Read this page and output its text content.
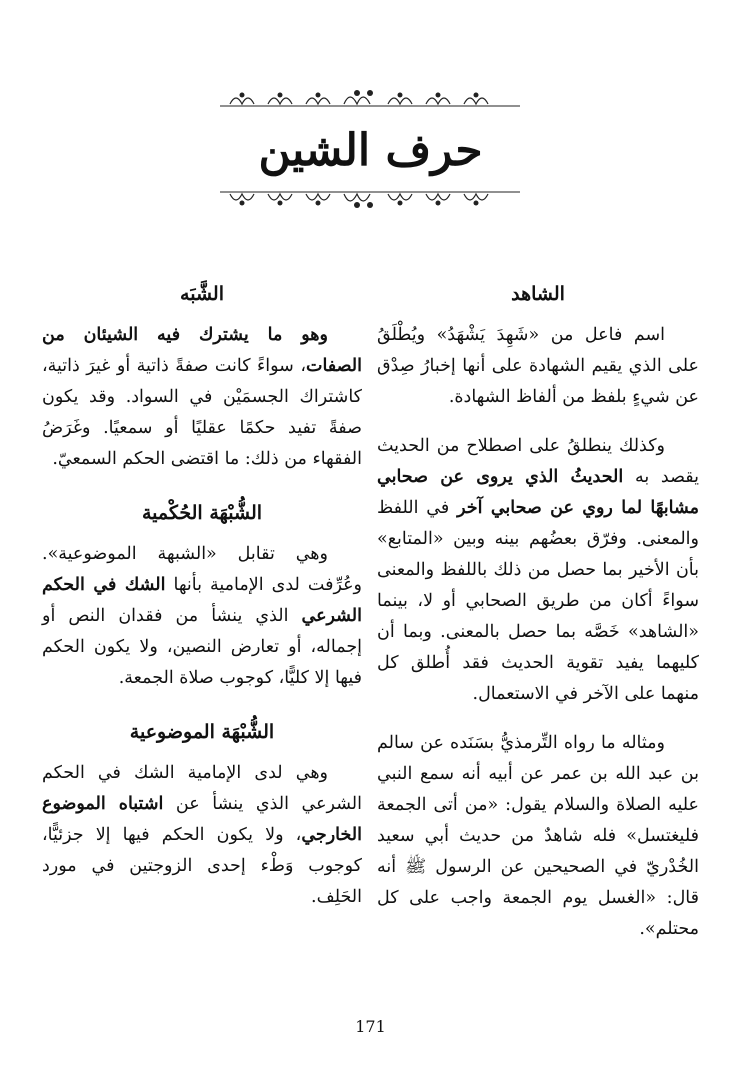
حرف الشين
الشاهد

اسم فاعل من «شَهِدَ يَشْهَدُ» ويُطْلَقُ على الذي يقيم الشهادة على أنها إخبارُ صِدْق عن شيءٍ بلفظ من ألفاظ الشهادة.

وكذلك ينطلقُ على اصطلاح من الحديث يقصد به الحديثُ الذي يروى عن صحابي مشابهًا لما روي عن صحابي آخر في اللفظ والمعنى. وفرّق بعضُهم بينه وبين «المتابع» بأن الأخير بما حصل من ذلك باللفظ والمعنى سواءً أكان من طريق الصحابي أو لا، بينما «الشاهد» خَصَّه بما حصل بالمعنى. وبما أن كليهما يفيد تقوية الحديث فقد أُطلق كل منهما على الآخر في الاستعمال.

ومثاله ما رواه التِّرمذيُّ بسَنَده عن سالم بن عبد الله بن عمر عن أبيه أنه سمع النبي عليه الصلاة والسلام يقول: «من أتى الجمعة فليغتسل» فله شاهدٌ من حديث أبي سعيد الخُدْريّ في الصحيحين عن الرسول ﷺ أنه قال: «الغسل يوم الجمعة واجب على كل محتلم».

الشَّبَه

وهو ما يشترك فيه الشيئان من الصفات، سواءً كانت صفةً ذاتية أو غيرَ ذاتية، كاشتراك الجسمَيْن في السواد. وقد يكون صفةً تفيد حكمًا عقليًا أو سمعيًا. وغَرَضُ الفقهاء من ذلك: ما اقتضى الحكم السمعيّ.

الشُّبْهَة الحُكْمية

وهي تقابل «الشبهة الموضوعية». وعُرِّفت لدى الإمامية بأنها الشك في الحكم الشرعي الذي ينشأ من فقدان النص أو إجماله، أو تعارض النصين، ولا يكون الحكم فيها إلا كليًّا، كوجوب صلاة الجمعة.

الشُّبْهَة الموضوعية

وهي لدى الإمامية الشك في الحكم الشرعي الذي ينشأ عن اشتباه الموضوع الخارجي، ولا يكون الحكم فيها إلا جزئيًّا، كوجوب وَطْء إحدى الزوجتين في مورد الحَلِف.

171
